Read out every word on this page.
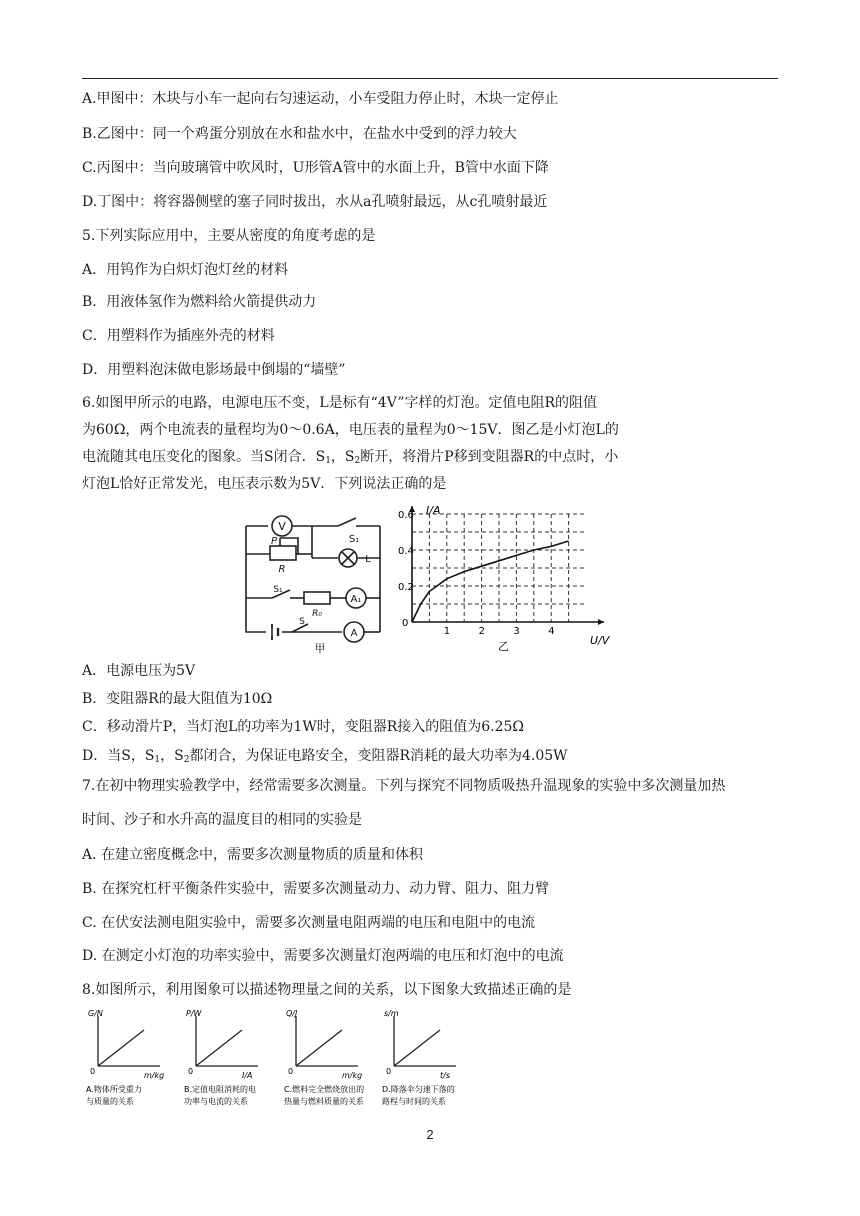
A.甲图中：木块与小车一起向右匀速运动，小车受阻力停止时，木块一定停止
B.乙图中：同一个鸡蛋分别放在水和盐水中，在盐水中受到的浮力较大
C.丙图中：当向玻璃管中吹风时，U形管A管中的水面上升，B管中水面下降
D.丁图中：将容器侧壁的塞子同时拔出，水从a孔喷射最远，从c孔喷射最近
5.下列实际应用中，主要从密度的角度考虑的是
A．用钨作为白炽灯泡灯丝的材料
B．用液体氢作为燃料给火箭提供动力
C．用塑料作为插座外壳的材料
D．用塑料泡沫做电影场最中倒塌的“墙壁”
6.如图甲所示的电路，电源电压不变，L是标有“4V”字样的灯泡。定值电阻R的阻值
为60Ω，两个电流表的量程均为0～0.6A，电压表的量程为0～15V．图乙是小灯泡L的
电流随其电压变化的图象。当S闭合．$S_1$，$S_2$断开，将滑片P移到变阻器R的中点时，小
灯泡L恰好正常发光，电压表示数为5V．下列说法正确的是
V
S₁
L
P
R
S₁
R₀
A₁
A
S
甲
1	2	3	4
0.2
0.4
0.6 I/A
U/V
0
乙
A．电源电压为5V
B．变阻器R的最大阻值为10Ω
C．移动滑片P，当灯泡L的功率为1W时，变阻器R接入的阻值为6.25Ω
D．当S，$S_1$，$S_2$都闭合，为保证电路安全，变阻器R消耗的最大功率为4.05W
7.在初中物理实验教学中，经常需要多次测量。下列与探究不同物质吸热升温现象的实验中多次测量加热
时间、沙子和水升高的温度目的相同的实验是
A. 在建立密度概念中，需要多次测量物质的质量和体积
B. 在探究杠杆平衡条件实验中，需要多次测量动力、动力臂、阻力、阻力臂
C. 在伏安法测电阻实验中，需要多次测量电阻两端的电压和电阻中的电流
D. 在测定小灯泡的功率实验中，需要多次测量灯泡两端的电压和灯泡中的电流
8.如图所示，利用图象可以描述物理量之间的关系，以下图象大致描述正确的是
G/N
m/kg
0
A.物体所受重力
与质量的关系
P/W
I/A
0
B.定值电阻消耗的电
功率与电流的关系
Q/J
m/kg
0
C.燃料完全燃烧放出的
热量与燃料质量的关系
s/m
t/s
0
D.降落伞匀速下落的
路程与时间的关系
2
